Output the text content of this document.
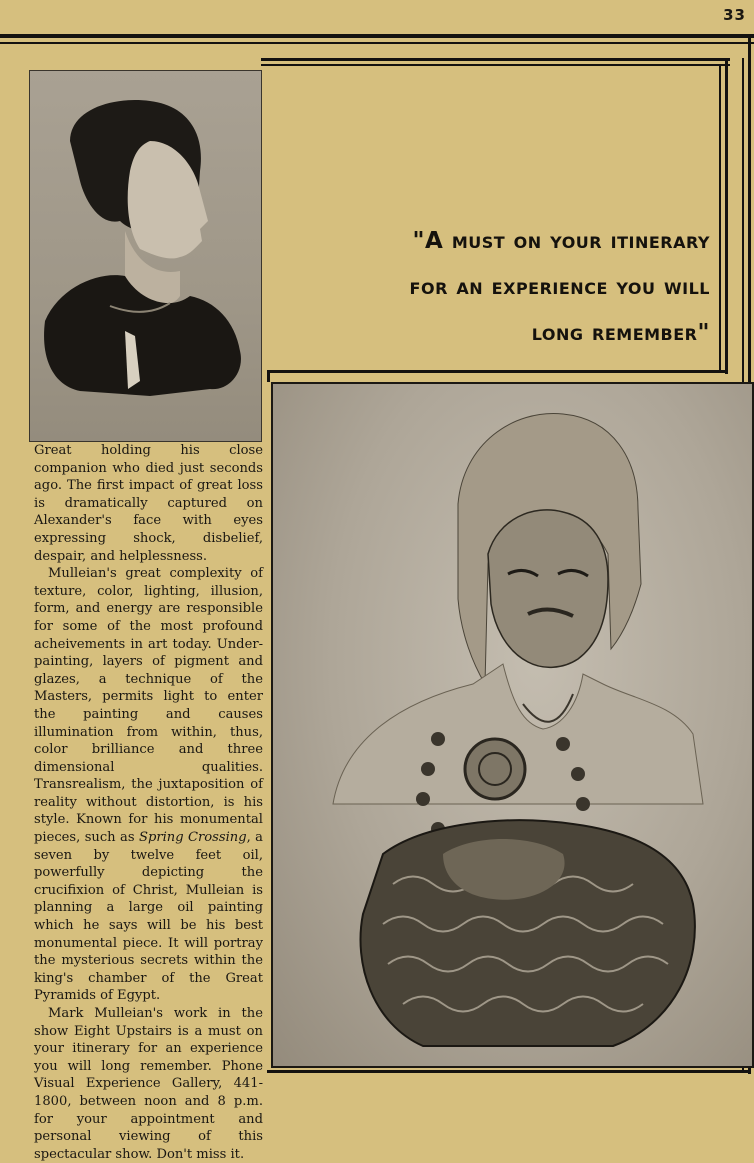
33
"A must on your itinerary
for an experience you will
long remember"

Great holding his close companion who died just seconds ago. The first impact of great loss is dramatically captured on Alexander's face with eyes expressing shock, disbelief, despair, and helplessness.

Mulleian's great complexity of texture, color, lighting, illusion, form, and energy are responsible for some of the most profound acheivements in art today. Under-painting, layers of pigment and glazes, a technique of the Masters, permits light to enter the painting and causes illumination from within, thus, color brilliance and three dimensional qualities. Transrealism, the juxtaposition of reality without distortion, is his style. Known for his monumental pieces, such as Spring Crossing, a seven by twelve feet oil, powerfully depicting the crucifixion of Christ, Mulleian is planning a large oil painting which he says will be his best monumental piece. It will portray the mysterious secrets within the king's chamber of the Great Pyramids of Egypt.

Mark Mulleian's work in the show Eight Upstairs is a must on your itinerary for an experience you will long remember. Phone Visual Experience Gallery, 441-1800, between noon and 8 p.m. for your appointment and personal viewing of this spectacular show. Don't miss it.
